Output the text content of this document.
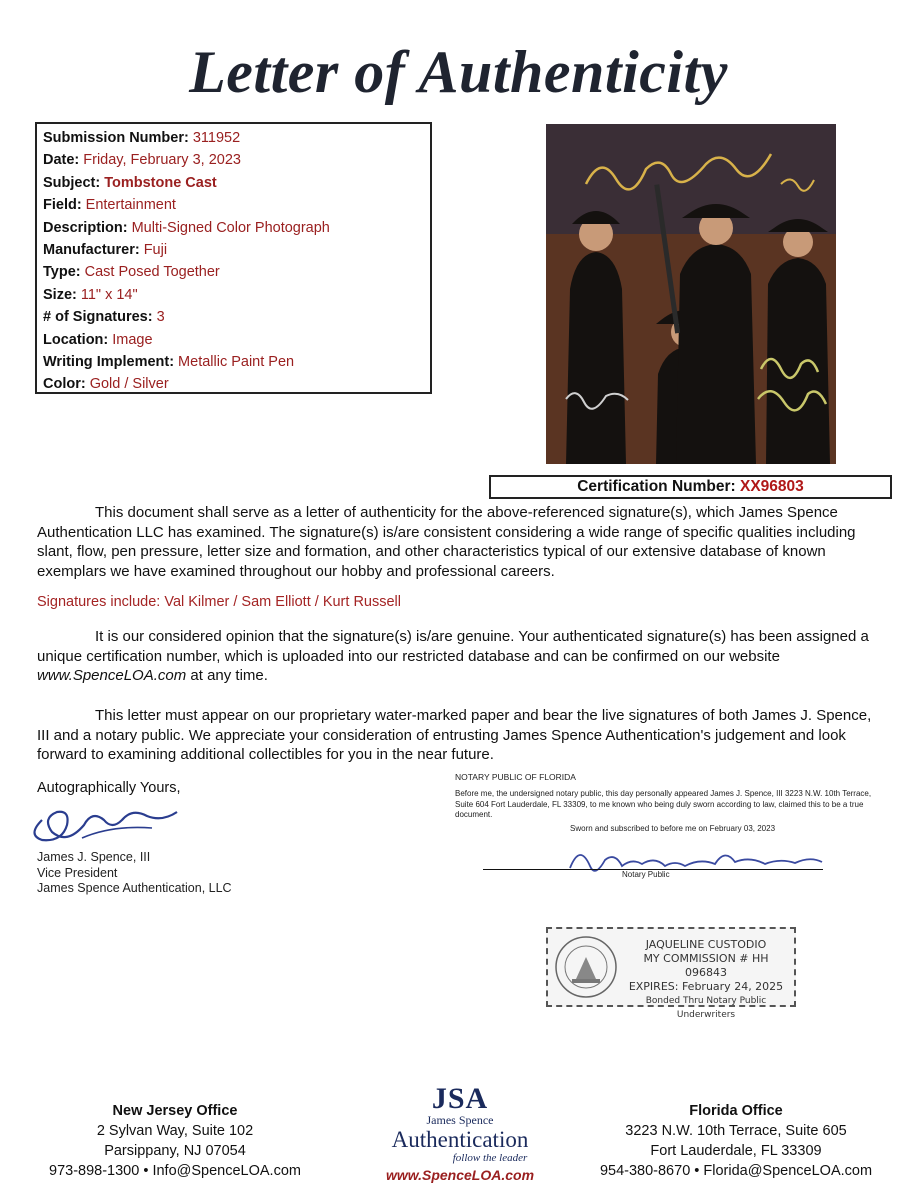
Letter of Authenticity
Submission Number: 311952
Date: Friday, February 3, 2023
Subject: Tombstone Cast
Field: Entertainment
Description: Multi-Signed Color Photograph
Manufacturer: Fuji
Type: Cast Posed Together
Size: 11" x 14"
# of Signatures: 3
Location: Image
Writing Implement: Metallic Paint Pen
Color: Gold / Silver
Certification Number: XX96803
This document shall serve as a letter of authenticity for the above-referenced signature(s), which James Spence Authentication LLC has examined. The signature(s) is/are consistent considering a wide range of specific qualities including slant, flow, pen pressure, letter size and formation, and other characteristics typical of our extensive database of known exemplars we have examined throughout our hobby and professional careers.
Signatures include: Val Kilmer / Sam Elliott / Kurt Russell
It is our considered opinion that the signature(s) is/are genuine. Your authenticated signature(s) has been assigned a unique certification number, which is uploaded into our restricted database and can be confirmed on our website www.SpenceLOA.com at any time.
This letter must appear on our proprietary water-marked paper and bear the live signatures of both James J. Spence, III and a notary public. We appreciate your consideration of entrusting James Spence Authentication's judgement and look forward to examining additional collectibles for you in the near future.
Autographically Yours,
James J. Spence, III
Vice President
James Spence Authentication, LLC
NOTARY PUBLIC OF FLORIDA
Before me, the undersigned notary public, this day personally appeared James J. Spence, III 3223 N.W. 10th Terrace, Suite 604 Fort Lauderdale, FL 33309, to me known who being duly sworn according to law, claimed this to be a true document.
Sworn and subscribed to before me on February 03, 2023
Notary Public
JAQUELINE CUSTODIO
MY COMMISSION # HH 096843
EXPIRES: February 24, 2025
Bonded Thru Notary Public Underwriters
New Jersey Office
2 Sylvan Way, Suite 102
Parsippany, NJ 07054
973-898-1300 • Info@SpenceLOA.com
JSA
James Spence
Authentication
follow the leader
www.SpenceLOA.com
Florida Office
3223 N.W. 10th Terrace, Suite 605
Fort Lauderdale, FL 33309
954-380-8670 • Florida@SpenceLOA.com
